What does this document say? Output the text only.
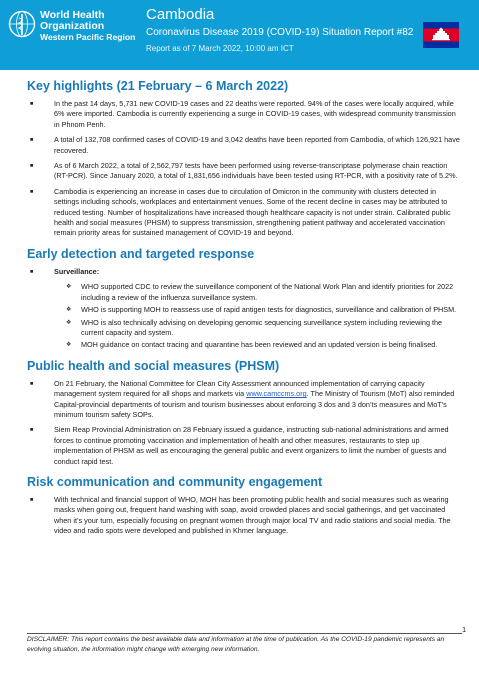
World Health
Organization
Western Pacific Region
Cambodia
Coronavirus Disease 2019 (COVID-19) Situation Report #82
Report as of 7 March 2022, 10:00 am ICT
Key highlights (21 February – 6 March 2022)
■ In the past 14 days, 5,731 new COVID-19 cases and 22 deaths were reported. 94% of the cases were locally acquired, while 6% were imported. Cambodia is currently experiencing a surge in COVID-19 cases, with widespread community transmission in Phnom Penh.
■ A total of 132,708 confirmed cases of COVID-19 and 3,042 deaths have been reported from Cambodia, of which 126,921 have recovered.
■ As of 6 March 2022, a total of 2,562,797 tests have been performed using reverse-transcriptase polymerase chain reaction (RT-PCR). Since January 2020, a total of 1,831,656 individuals have been tested using RT-PCR, with a positivity rate of 5.2%.
■ Cambodia is experiencing an increase in cases due to circulation of Omicron in the community with clusters detected in settings including schools, workplaces and entertainment venues. Some of the recent decline in cases may be attributed to reduced testing. Number of hospitalizations have increased though healthcare capacity is not under strain. Calibrated public health and social measures (PHSM) to suppress transmission, strengthening patient pathway and accelerated vaccination remain priority areas for sustained management of COVID-19 and beyond.
Early detection and targeted response
■ Surveillance:
❖ WHO supported CDC to review the surveillance component of the National Work Plan and identify priorities for 2022 including a review of the influenza surveillance system.
❖ WHO is supporting MOH to reassess use of rapid antigen tests for diagnostics, surveillance and calibration of PHSM.
❖ WHO is also technically advising on developing genomic sequencing surveillance system including reviewing the current capacity and system.
❖ MOH guidance on contact tracing and quarantine has been reviewed and an updated version is being finalised.
Public health and social measures (PHSM)
■ On 21 February, the National Committee for Clean City Assessment announced implementation of carrying capacity management system required for all shops and markets via www.camccms.org. The Ministry of Tourism (MoT) also reminded Capital-provincial departments of tourism and tourism businesses about enforcing 3 dos and 3 don’ts measures and MoT’s minimum tourism safety SOPs.
■ Siem Reap Provincial Administration on 28 February issued a guidance, instructing sub-national administrations and armed forces to continue promoting vaccination and implementation of health and other measures, restaurants to step up implementation of PHSM as well as encouraging the general public and event organizers to limit the number of guests and conduct rapid test.
Risk communication and community engagement
■ With technical and financial support of WHO, MOH has been promoting public health and social measures such as wearing masks when going out, frequent hand washing with soap, avoid crowded places and social gatherings, and get vaccinated when it’s your turn, especially focusing on pregnant women through major local TV and radio stations and social media. The video and radio spots were developed and published in Khmer language.
1
DISCLAIMER: This report contains the best available data and information at the time of publication. As the COVID-19 pandemic represents an evolving situation, the information might change with emerging new information.
